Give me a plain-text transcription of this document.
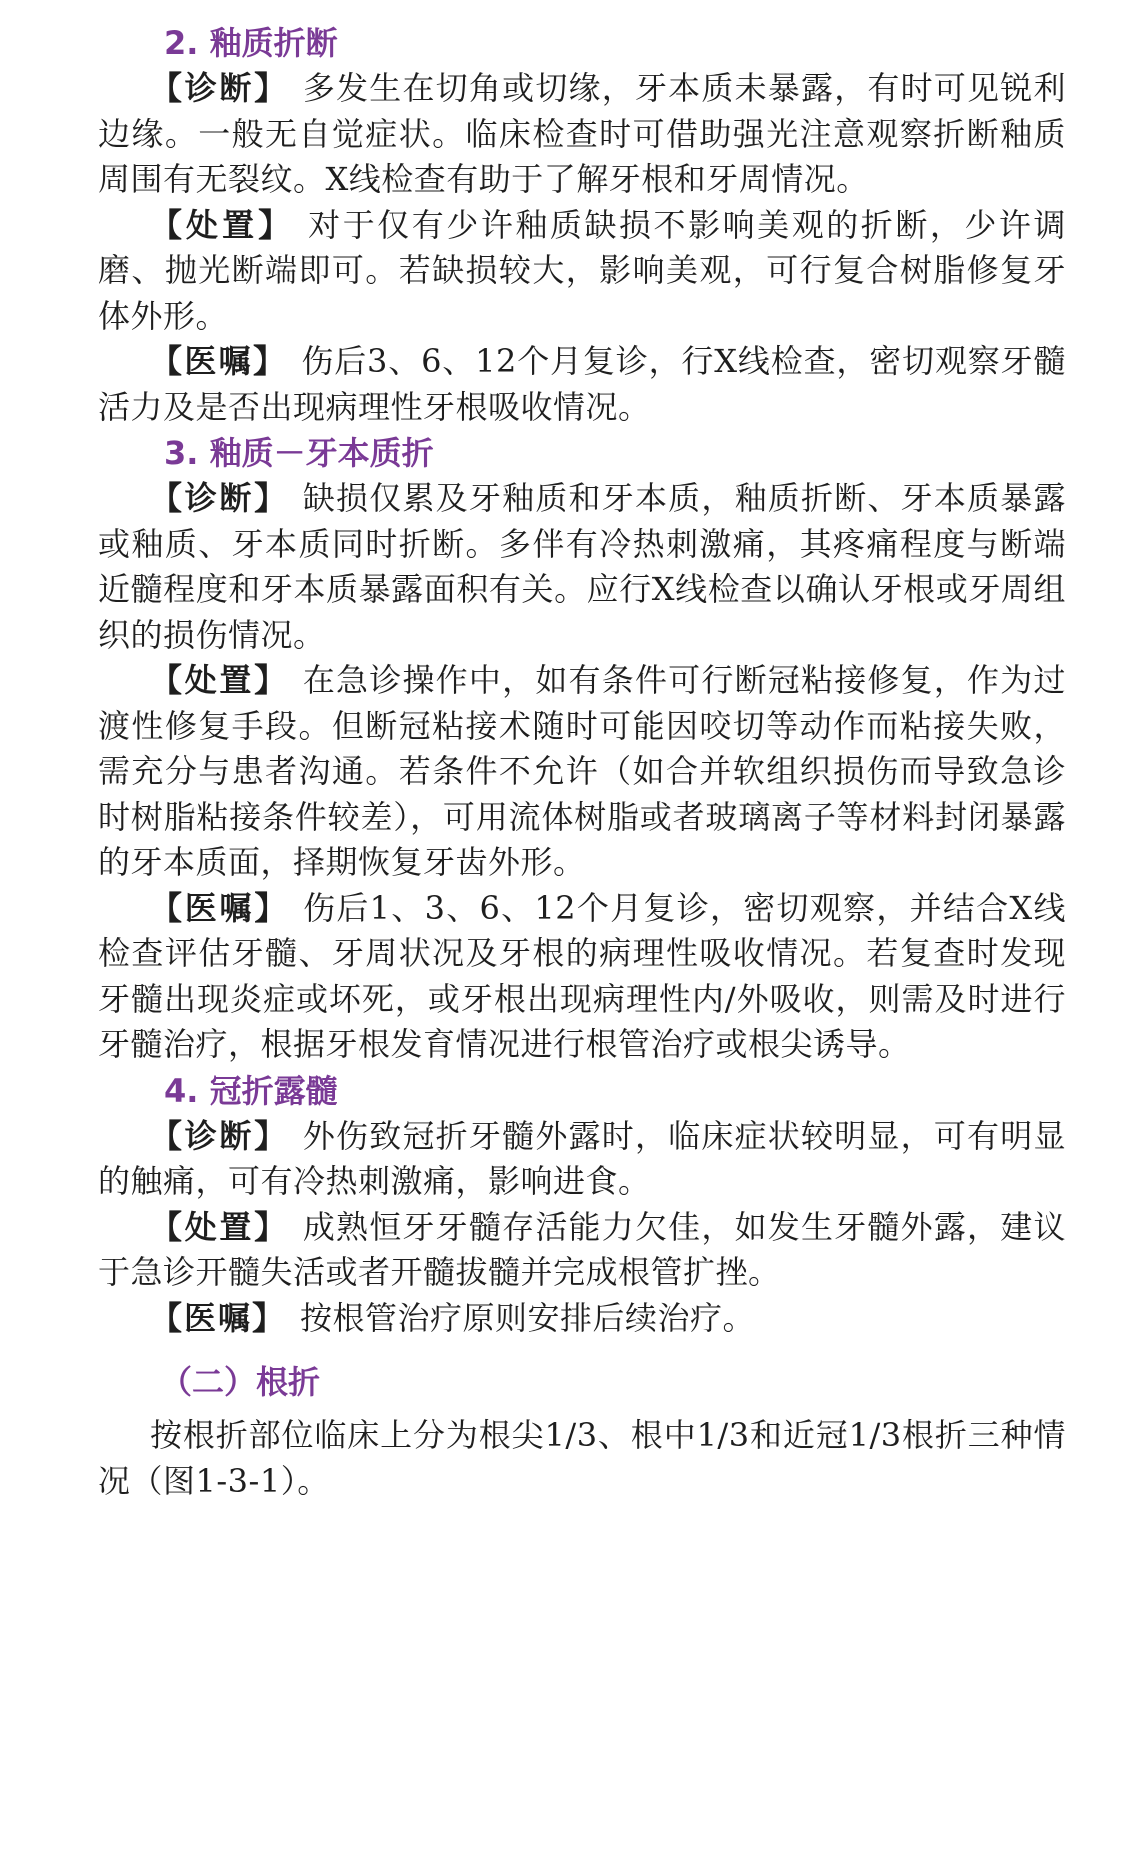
2. 釉质折断

【诊断】 多发生在切角或切缘，牙本质未暴露，有时可见锐利边缘。一般无自觉症状。临床检查时可借助强光注意观察折断釉质周围有无裂纹。X线检查有助于了解牙根和牙周情况。

【处置】 对于仅有少许釉质缺损不影响美观的折断，少许调磨、抛光断端即可。若缺损较大，影响美观，可行复合树脂修复牙体外形。

【医嘱】 伤后3、6、12个月复诊，行X线检查，密切观察牙髓活力及是否出现病理性牙根吸收情况。

3. 釉质－牙本质折

【诊断】 缺损仅累及牙釉质和牙本质，釉质折断、牙本质暴露或釉质、牙本质同时折断。多伴有冷热刺激痛，其疼痛程度与断端近髓程度和牙本质暴露面积有关。应行X线检查以确认牙根或牙周组织的损伤情况。

【处置】 在急诊操作中，如有条件可行断冠粘接修复，作为过渡性修复手段。但断冠粘接术随时可能因咬切等动作而粘接失败，需充分与患者沟通。若条件不允许（如合并软组织损伤而导致急诊时树脂粘接条件较差），可用流体树脂或者玻璃离子等材料封闭暴露的牙本质面，择期恢复牙齿外形。

【医嘱】 伤后1、3、6、12个月复诊，密切观察，并结合X线检查评估牙髓、牙周状况及牙根的病理性吸收情况。若复查时发现牙髓出现炎症或坏死，或牙根出现病理性内/外吸收，则需及时进行牙髓治疗，根据牙根发育情况进行根管治疗或根尖诱导。

4. 冠折露髓

【诊断】 外伤致冠折牙髓外露时，临床症状较明显，可有明显的触痛，可有冷热刺激痛，影响进食。

【处置】 成熟恒牙牙髓存活能力欠佳，如发生牙髓外露，建议于急诊开髓失活或者开髓拔髓并完成根管扩挫。

【医嘱】 按根管治疗原则安排后续治疗。

（二）根折

按根折部位临床上分为根尖1/3、根中1/3和近冠1/3根折三种情况（图1-3-1）。
